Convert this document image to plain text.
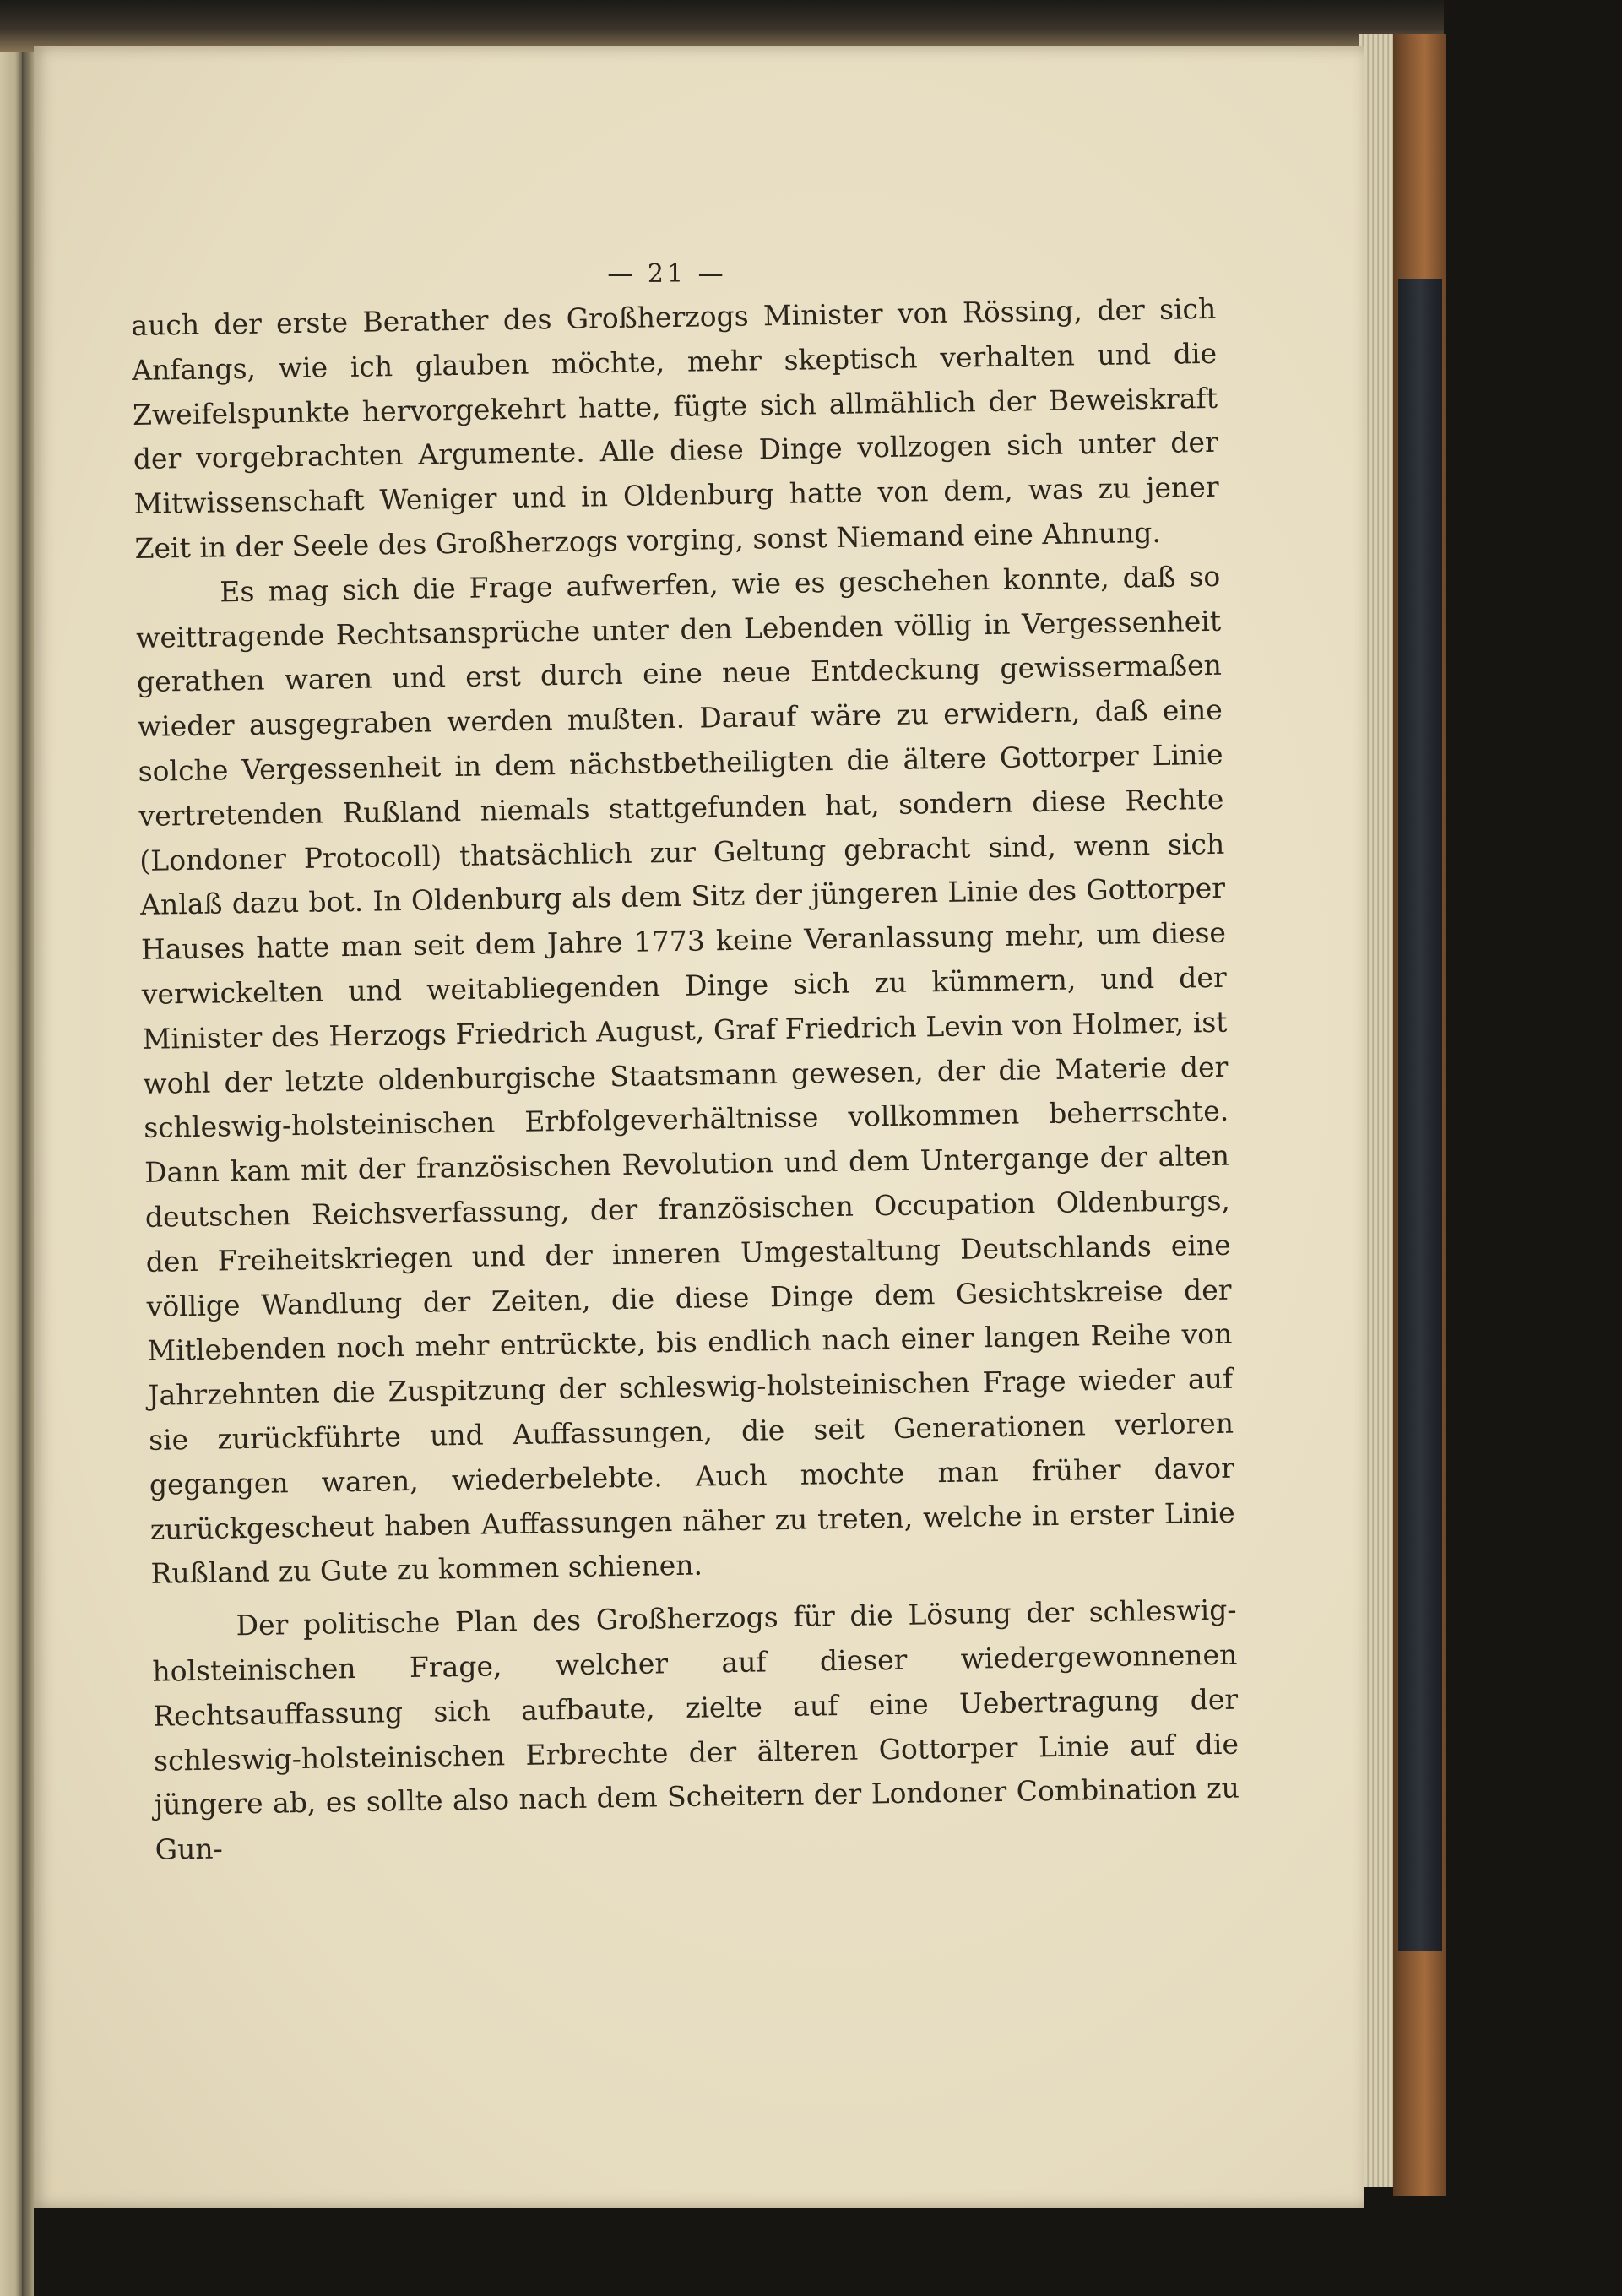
— 21 —

auch der erste Berather des Großherzogs Minister von Rössing, der sich Anfangs, wie ich glauben möchte, mehr skeptisch verhalten und die Zweifelspunkte hervorgekehrt hatte, fügte sich allmählich der Beweiskraft der vorgebrachten Argumente. Alle diese Dinge vollzogen sich unter der Mitwissenschaft Weniger und in Oldenburg hatte von dem, was zu jener Zeit in der Seele des Großherzogs vorging, sonst Niemand eine Ahnung.

Es mag sich die Frage aufwerfen, wie es geschehen konnte, daß so weittragende Rechtsansprüche unter den Lebenden völlig in Vergessenheit gerathen waren und erst durch eine neue Entdeckung gewissermaßen wieder ausgegraben werden mußten. Darauf wäre zu erwidern, daß eine solche Vergessenheit in dem nächstbetheiligten die ältere Gottorper Linie vertretenden Rußland niemals stattgefunden hat, sondern diese Rechte (Londoner Protocoll) thatsächlich zur Geltung gebracht sind, wenn sich Anlaß dazu bot. In Oldenburg als dem Sitz der jüngeren Linie des Gottorper Hauses hatte man seit dem Jahre 1773 keine Veranlassung mehr, um diese verwickelten und weitabliegenden Dinge sich zu kümmern, und der Minister des Herzogs Friedrich August, Graf Friedrich Levin von Holmer, ist wohl der letzte oldenburgische Staatsmann gewesen, der die Materie der schleswig-holsteinischen Erbfolgeverhältnisse vollkommen beherrschte. Dann kam mit der französischen Revolution und dem Untergange der alten deutschen Reichsverfassung, der französischen Occupation Oldenburgs, den Freiheitskriegen und der inneren Umgestaltung Deutschlands eine völlige Wandlung der Zeiten, die diese Dinge dem Gesichtskreise der Mitlebenden noch mehr entrückte, bis endlich nach einer langen Reihe von Jahrzehnten die Zuspitzung der schleswig-holsteinischen Frage wieder auf sie zurückführte und Auffassungen, die seit Generationen verloren gegangen waren, wiederbelebte. Auch mochte man früher davor zurückgescheut haben Auffassungen näher zu treten, welche in erster Linie Rußland zu Gute zu kommen schienen.

Der politische Plan des Großherzogs für die Lösung der schleswig-holsteinischen Frage, welcher auf dieser wiedergewonnenen Rechtsauffassung sich aufbaute, zielte auf eine Uebertragung der schleswig-holsteinischen Erbrechte der älteren Gottorper Linie auf die jüngere ab, es sollte also nach dem Scheitern der Londoner Combination zu Gun-
